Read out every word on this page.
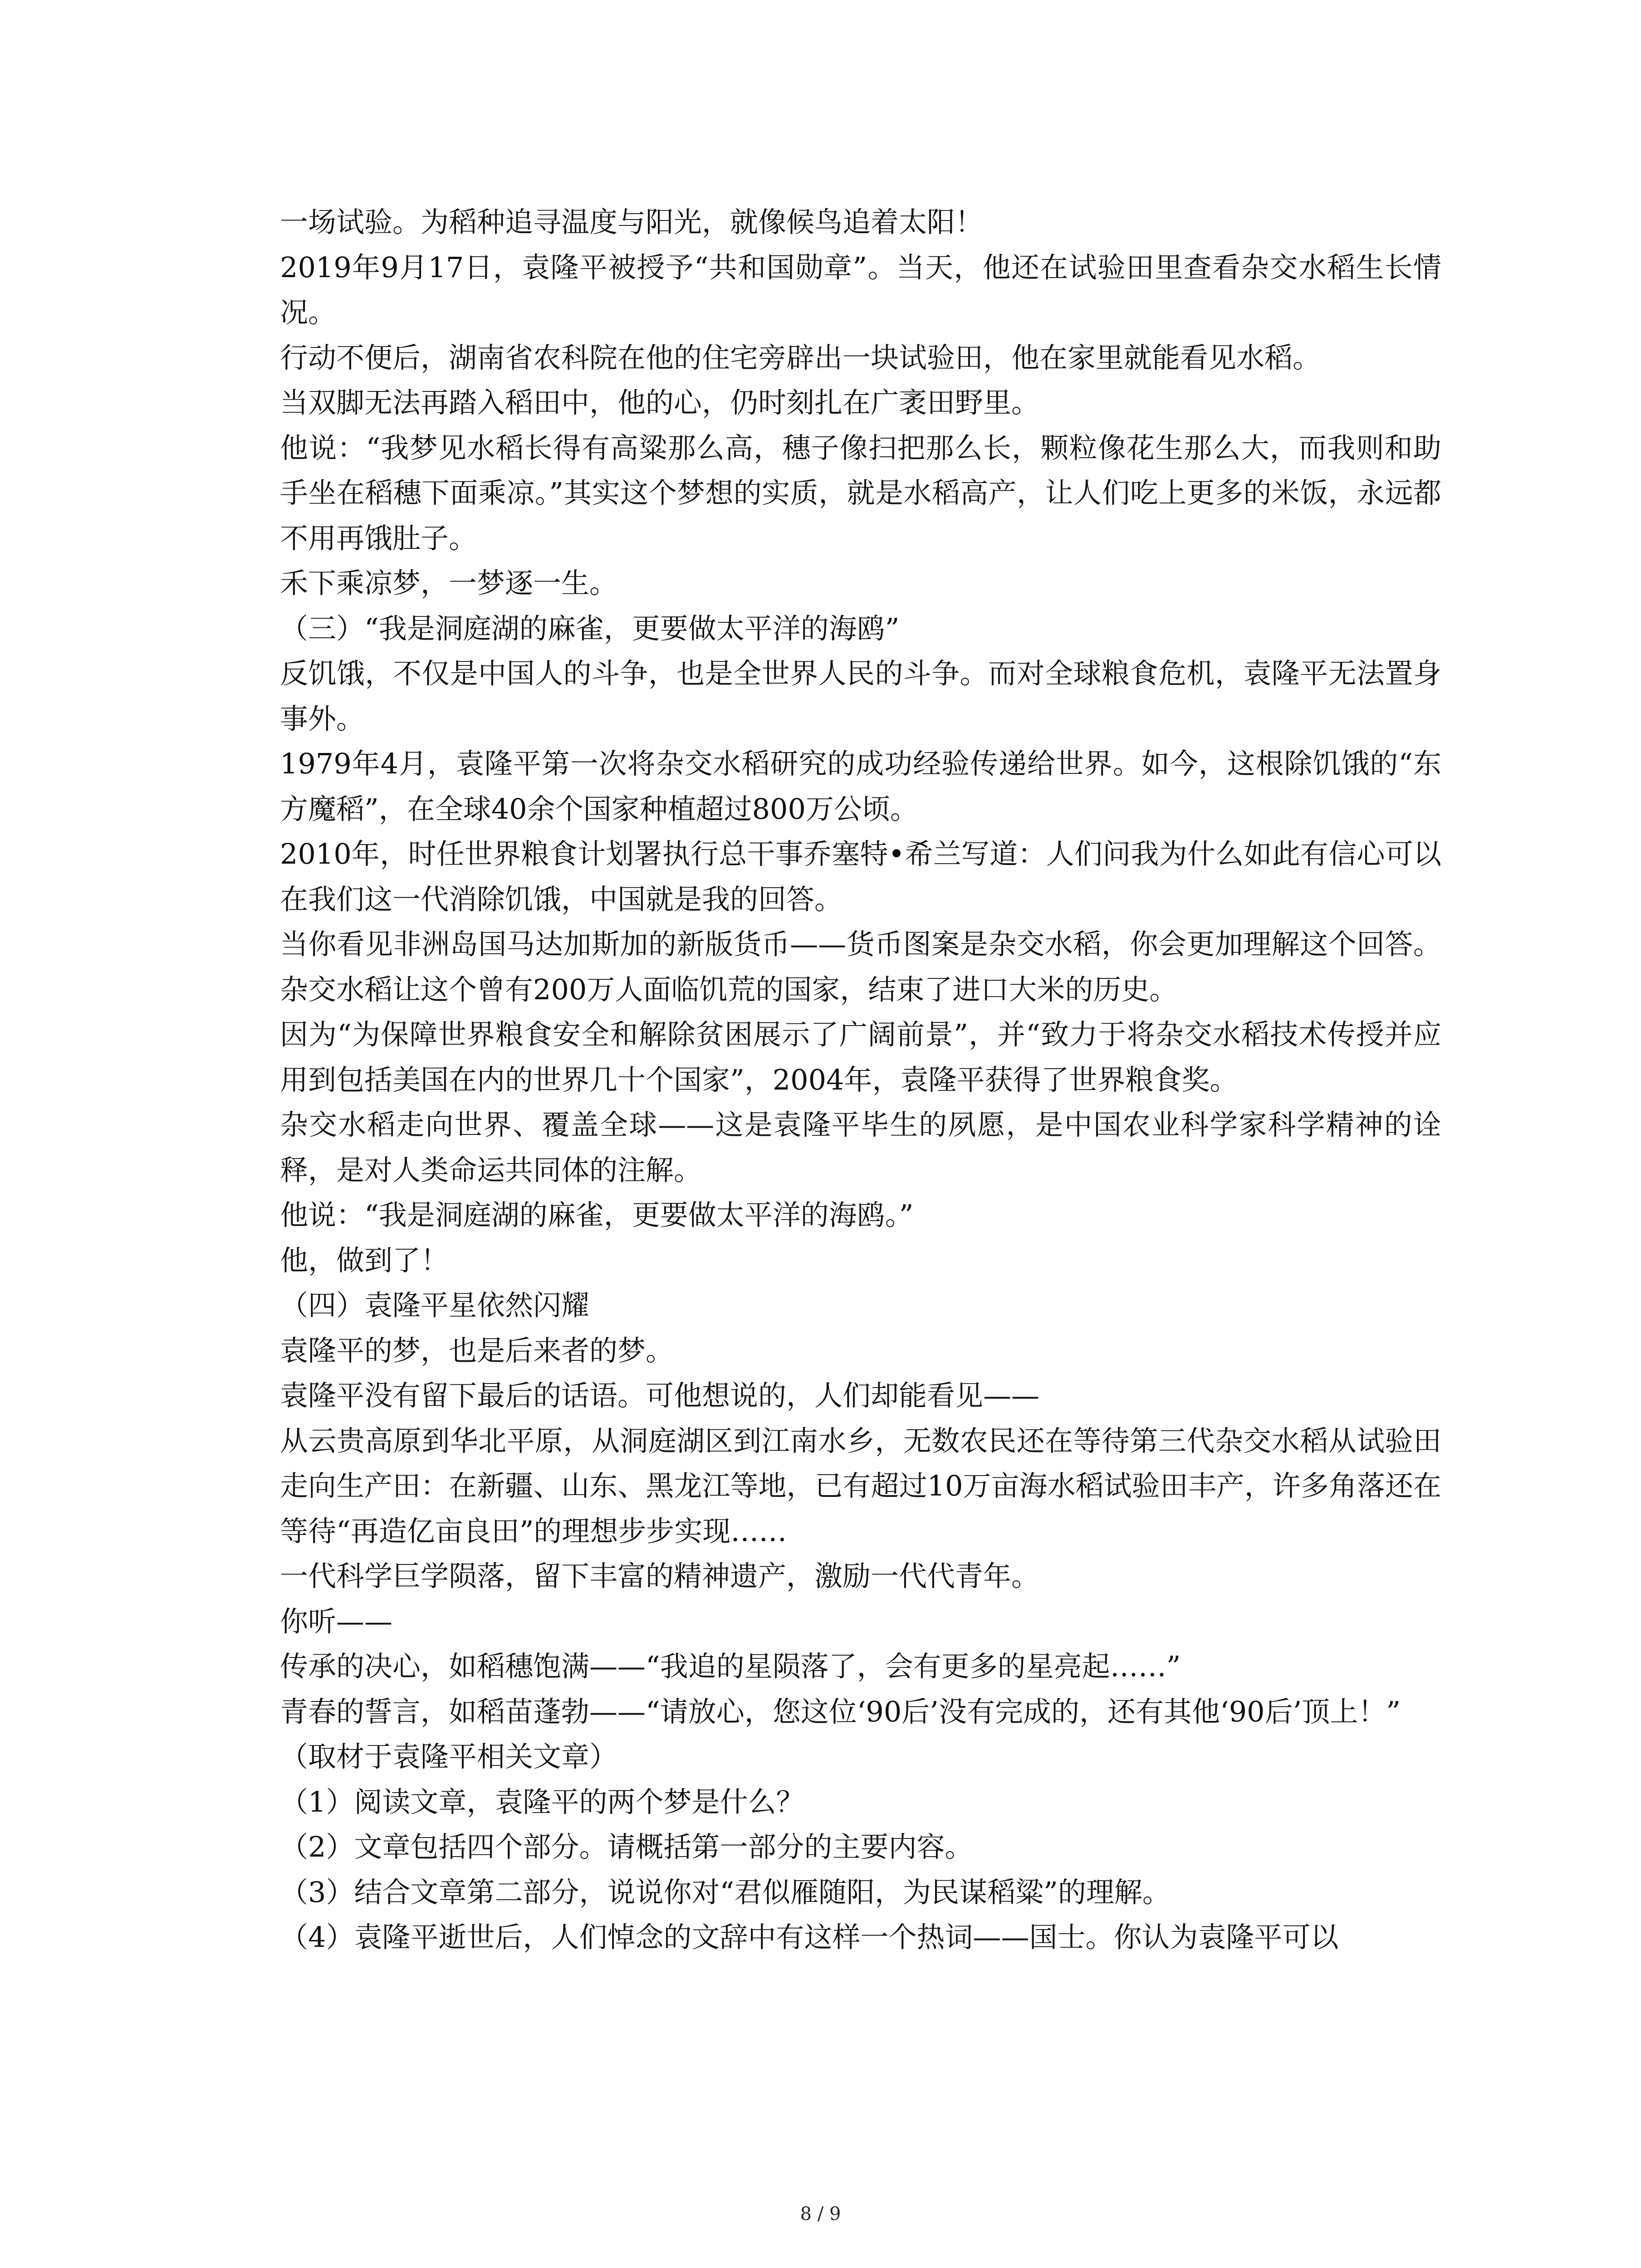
一场试验。为稻种追寻温度与阳光，就像候鸟追着太阳！

2019年9月17日，袁隆平被授予“共和国勋章”。当天，他还在试验田里查看杂交水稻生长情况。

行动不便后，湖南省农科院在他的住宅旁辟出一块试验田，他在家里就能看见水稻。

当双脚无法再踏入稻田中，他的心，仍时刻扎在广袤田野里。

他说：“我梦见水稻长得有高粱那么高，穗子像扫把那么长，颗粒像花生那么大，而我则和助手坐在稻穗下面乘凉。”其实这个梦想的实质，就是水稻高产，让人们吃上更多的米饭，永远都不用再饿肚子。

禾下乘凉梦，一梦逐一生。

（三）“我是洞庭湖的麻雀，更要做太平洋的海鸥”

反饥饿，不仅是中国人的斗争，也是全世界人民的斗争。而对全球粮食危机，袁隆平无法置身事外。

1979年4月，袁隆平第一次将杂交水稻研究的成功经验传递给世界。如今，这根除饥饿的“东方魔稻”，在全球40余个国家种植超过800万公顷。

2010年，时任世界粮食计划署执行总干事乔塞特•希兰写道：人们问我为什么如此有信心可以在我们这一代消除饥饿，中国就是我的回答。

当你看见非洲岛国马达加斯加的新版货币——货币图案是杂交水稻，你会更加理解这个回答。杂交水稻让这个曾有200万人面临饥荒的国家，结束了进口大米的历史。

因为“为保障世界粮食安全和解除贫困展示了广阔前景”，并“致力于将杂交水稻技术传授并应用到包括美国在内的世界几十个国家”，2004年，袁隆平获得了世界粮食奖。

杂交水稻走向世界、覆盖全球——这是袁隆平毕生的夙愿，是中国农业科学家科学精神的诠释，是对人类命运共同体的注解。

他说：“我是洞庭湖的麻雀，更要做太平洋的海鸥。”

他，做到了！

（四）袁隆平星依然闪耀

袁隆平的梦，也是后来者的梦。

袁隆平没有留下最后的话语。可他想说的，人们却能看见——

从云贵高原到华北平原，从洞庭湖区到江南水乡，无数农民还在等待第三代杂交水稻从试验田走向生产田：在新疆、山东、黑龙江等地，已有超过10万亩海水稻试验田丰产，许多角落还在等待“再造亿亩良田”的理想步步实现……

一代科学巨学陨落，留下丰富的精神遗产，激励一代代青年。

你听——

传承的决心，如稻穗饱满——“我追的星陨落了，会有更多的星亮起……”

青春的誓言，如稻苗蓬勃——“请放心，您这位‘90后’没有完成的，还有其他‘90后’顶上！”

（取材于袁隆平相关文章）

（1）阅读文章，袁隆平的两个梦是什么？

（2）文章包括四个部分。请概括第一部分的主要内容。

（3）结合文章第二部分，说说你对“君似雁随阳，为民谋稻粱”的理解。

（4）袁隆平逝世后，人们悼念的文辞中有这样一个热词——国士。你认为袁隆平可以

8 / 9
